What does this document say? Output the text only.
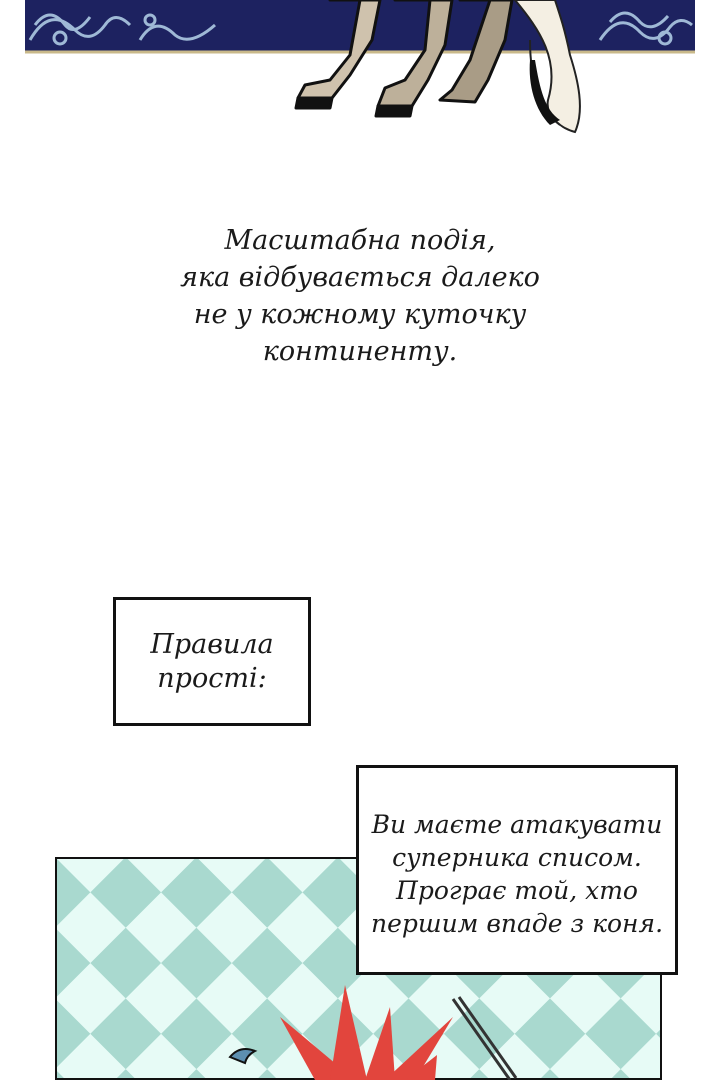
Масштабна подія,
яка відбувається далеко
не у кожному куточку
континенту.
Правила
прості:
Ви маєте атакувати
суперника списом.
Програє той, хто
першим впаде з коня.
